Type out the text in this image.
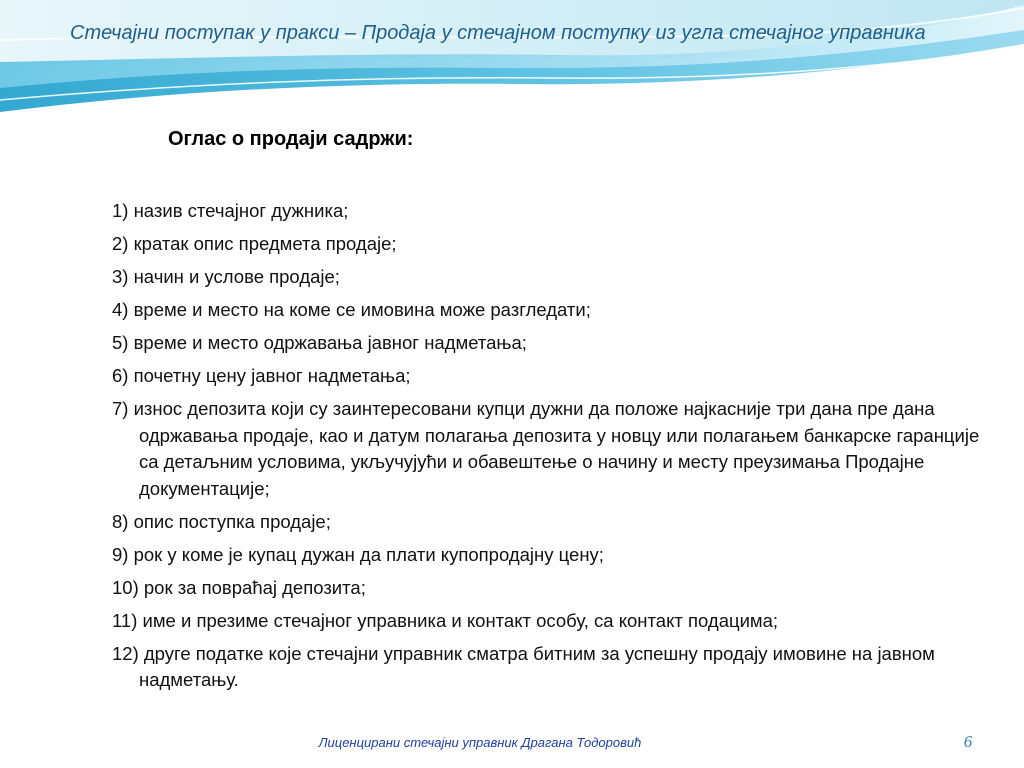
Стечајни поступак у пракси – Продаја у стечајном поступку из угла стечајног управника
Оглас о продаји садржи:
1) назив стечајног дужника;
2) кратак опис предмета продаје;
3) начин и услове продаје;
4) време и место на коме се имовина може разгледати;
5) време и место одржавања јавног надметања;
6) почетну цену јавног надметања;
7) износ депозита који су заинтересовани купци дужни да положе најкасније три дана пре дана одржавања продаје, као и датум полагања депозита у новцу или полагањем банкарске гаранције са детаљним условима, укључујући и обавештење о начину и месту преузимања Продајне документације;
8) опис поступка продаје;
9) рок у коме је купац дужан да плати купопродајну цену;
10) рок за повраћај депозита;
11) име и презиме стечајног управника и контакт особу, са контакт подацима;
12) друге податке које стечајни управник сматра битним за успешну продају имовине на јавном надметању.
Лиценцирани стечајни управник Драгана Тодоровић	6
